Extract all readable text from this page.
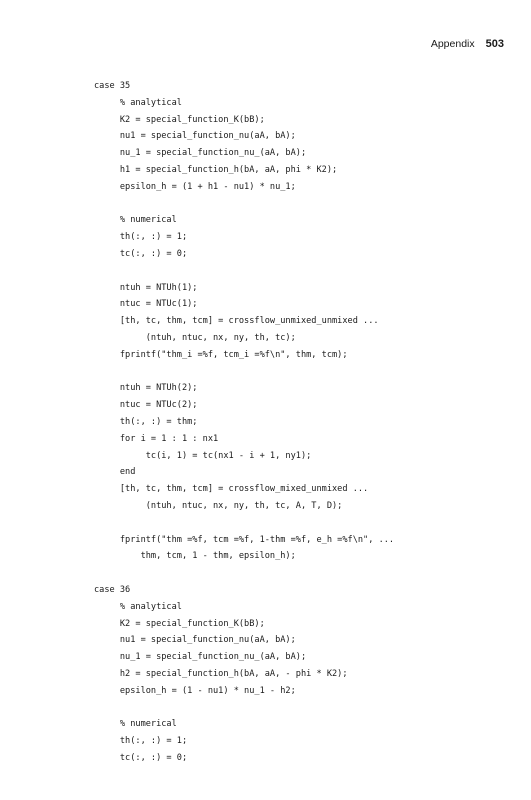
Appendix 503
case 35
% analytical
K2 = special_function_K(bB);
nu1 = special_function_nu(aA, bA);
nu_1 = special_function_nu_(aA, bA);
h1 = special_function_h(bA, aA, phi * K2);
epsilon_h = (1 + h1 - nu1) * nu_1;
% numerical
th(:, :) = 1;
tc(:, :) = 0;
ntuh = NTUh(1);
ntuc = NTUc(1);
[th, tc, thm, tcm] = crossflow_unmixed_unmixed ...
(ntuh, ntuc, nx, ny, th, tc);
fprintf("thm_i =%f, tcm_i =%f\n", thm, tcm);
ntuh = NTUh(2);
ntuc = NTUc(2);
th(:, :) = thm;
for i = 1 : 1 : nx1
tc(i, 1) = tc(nx1 - i + 1, ny1);
end
[th, tc, thm, tcm] = crossflow_mixed_unmixed ...
(ntuh, ntuc, nx, ny, th, tc, A, T, D);
fprintf("thm =%f, tcm =%f, 1-thm =%f, e_h =%f\n", ...
thm, tcm, 1 - thm, epsilon_h);
case 36
% analytical
K2 = special_function_K(bB);
nu1 = special_function_nu(aA, bA);
nu_1 = special_function_nu_(aA, bA);
h2 = special_function_h(bA, aA, - phi * K2);
epsilon_h = (1 - nu1) * nu_1 - h2;
% numerical
th(:, :) = 1;
tc(:, :) = 0;
